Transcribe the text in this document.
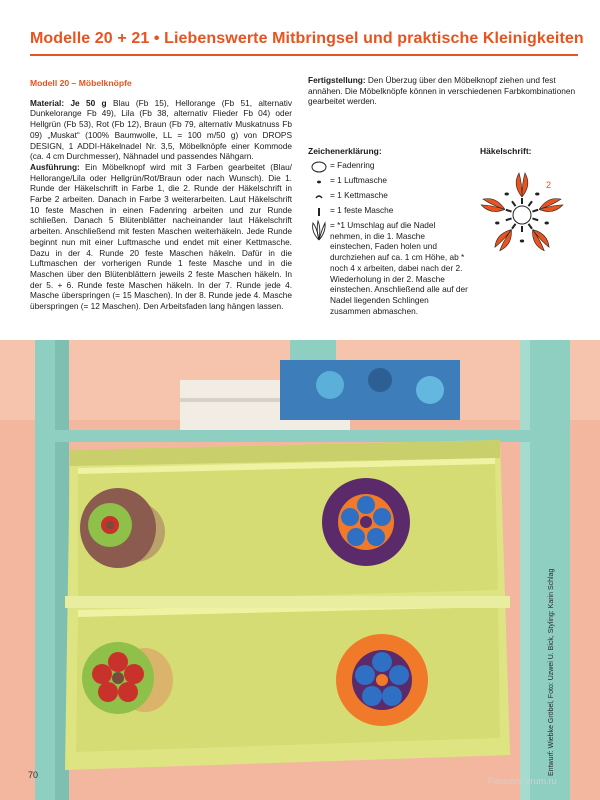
Modelle 20 + 21 • Liebenswerte Mitbringsel und praktische Kleinigkeiten
Modell 20 – Möbelknöpfe

Material: Je 50 g Blau (Fb 15), Hellorange (Fb 51, alternativ Dunkelorange Fb 49), Lila (Fb 38, alternativ Flieder Fb 04) oder Hellgrün (Fb 53), Rot (Fb 12), Braun (Fb 79, alternativ Muskatnuss Fb 09) „Muskat“ (100% Baumwolle, LL = 100 m/50 g) von DROPS DESIGN, 1 ADDI-Häkelnadel Nr. 3,5, Möbelknöpfe einer Kommode (ca. 4 cm Durchmesser), Nähnadel und passendes Nähgarn.

Ausführung: Ein Möbelknopf wird mit 3 Farben gearbeitet (Blau/ Hellorange/Lila oder Hellgrün/Rot/Braun oder nach Wunsch). Die 1. Runde der Häkelschrift in Farbe 1, die 2. Runde der Häkelschrift in Farbe 2 arbeiten. Danach in Farbe 3 weiterarbeiten. Laut Häkelschrift 10 feste Maschen in einen Fadenring arbeiten und zur Runde schließen. Danach 5 Blütenblätter nacheinander laut Häkelschrift arbeiten. Anschließend mit festen Maschen weiterhäkeln. Jede Runde beginnt nun mit einer Luftmasche und endet mit einer Kettmasche. Dazu in der 4. Runde 20 feste Maschen häkeln. Dafür in die Luftmaschen der vorherigen Runde 1 feste Masche und in die Maschen über den Blütenblättern jeweils 2 feste Maschen häkeln. In der 5. + 6. Runde feste Maschen häkeln. In der 7. Runde jede 4. Masche überspringen (= 15 Maschen). In der 8. Runde jede 4. Masche überspringen (= 12 Maschen). Den Arbeitsfaden lang hängen lassen.

Fertigstellung: Den Überzug über den Möbelknopf ziehen und fest annähen. Die Möbelknöpfe können in verschiedenen Farbkombinationen gearbeitet werden.

Zeichenerklärung:
= Fadenring
= 1 Luftmasche
= 1 Kettmasche
= 1 feste Masche
= *1 Umschlag auf die Nadel nehmen, in die 1. Masche einstechen, Faden holen und durchziehen auf ca. 1 cm Höhe, ab * noch 4 x arbeiten, dabei nach der 2. Wiederholung in der 2. Masche einstechen. Anschließend alle auf der Nadel liegenden Schlingen zusammen abmaschen.
Häkelschrift:
2
Entwurf: Wiebke Gröbel, Foto: Uzwei U. Bick, Styling: Karin Schlag
70
PassionForum.ru
